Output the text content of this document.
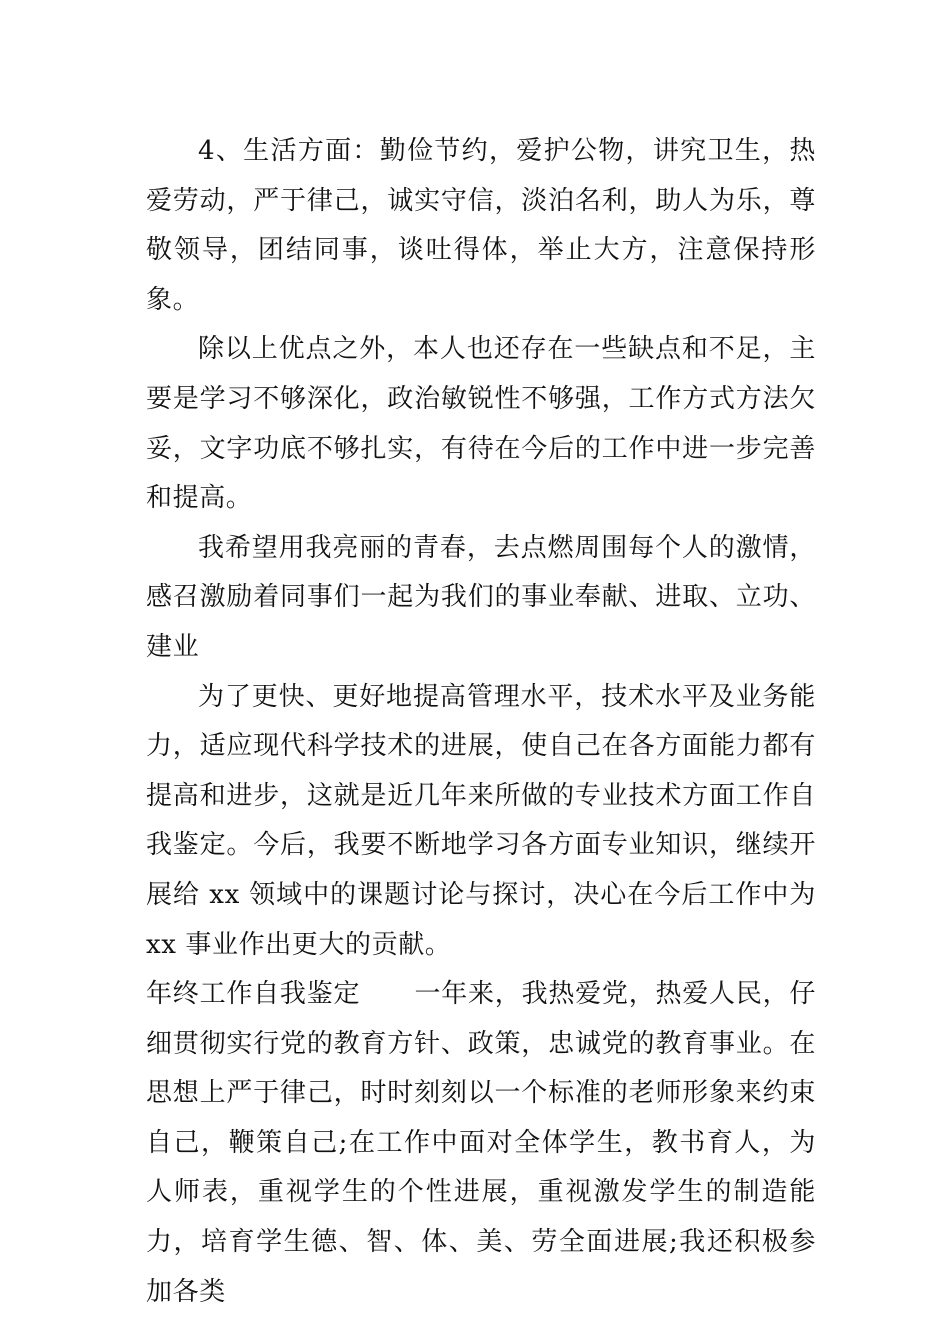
4、生活方面：勤俭节约，爱护公物，讲究卫生，热爱劳动，严于律己，诚实守信，淡泊名利，助人为乐，尊敬领导，团结同事，谈吐得体，举止大方，注意保持形象。

除以上优点之外，本人也还存在一些缺点和不足，主要是学习不够深化，政治敏锐性不够强，工作方式方法欠妥，文字功底不够扎实，有待在今后的工作中进一步完善和提高。

我希望用我亮丽的青春，去点燃周围每个人的激情，感召激励着同事们一起为我们的事业奉献、进取、立功、建业

为了更快、更好地提高管理水平，技术水平及业务能力，适应现代科学技术的进展，使自己在各方面能力都有提高和进步，这就是近几年来所做的专业技术方面工作自我鉴定。今后，我要不断地学习各方面专业知识，继续开展给 xx 领域中的课题讨论与探讨，决心在今后工作中为 xx 事业作出更大的贡献。

年终工作自我鉴定 一年来，我热爱党，热爱人民，仔细贯彻实行党的教育方针、政策，忠诚党的教育事业。在思想上严于律己，时时刻刻以一个标准的老师形象来约束自己，鞭策自己;在工作中面对全体学生，教书育人，为人师表，重视学生的个性进展，重视激发学生的制造能力，培育学生德、智、体、美、劳全面进展;我还积极参加各类
